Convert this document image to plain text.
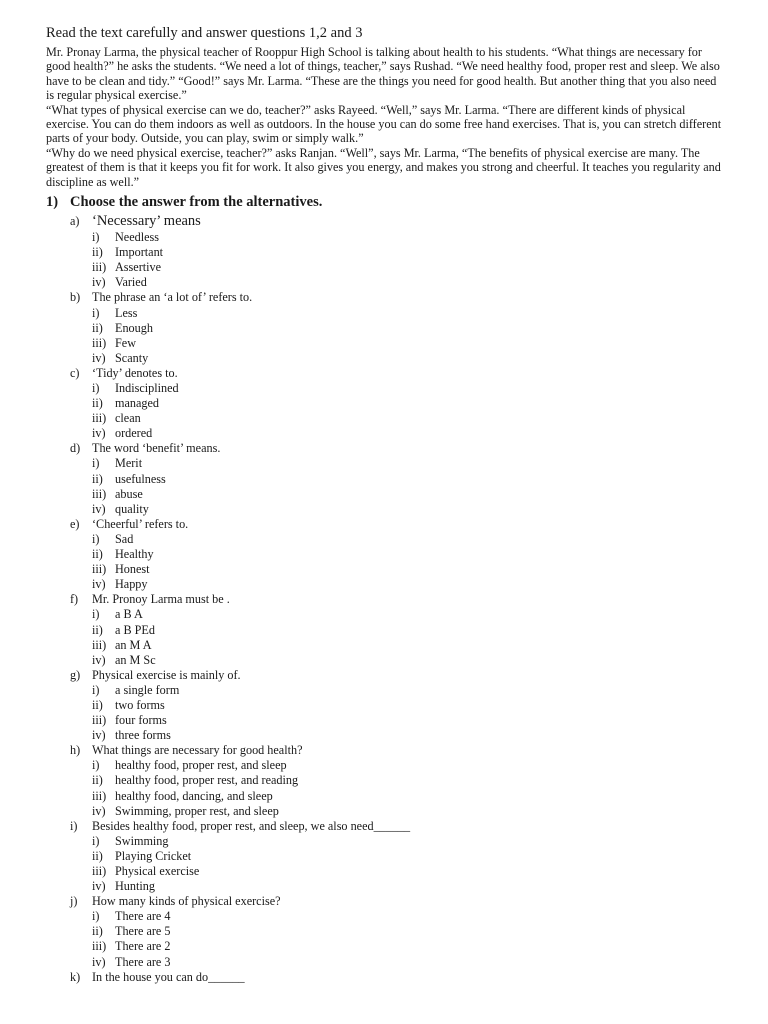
Read the text carefully and answer questions 1,2 and 3

Mr. Pronay Larma, the physical teacher of Rooppur High School is talking about health to his students. “What things are necessary for good health?” he asks the students. “We need a lot of things, teacher,” says Rushad. “We need healthy food, proper rest and sleep. We also have to be clean and tidy.” “Good!” says Mr. Larma. “These are the things you need for good health. But another thing that you also need is regular physical exercise.”

“What types of physical exercise can we do, teacher?” asks Rayeed. “Well,” says Mr. Larma. “There are different kinds of physical exercise. You can do them indoors as well as outdoors. In the house you can do some free hand exercises. That is, you can stretch different parts of your body. Outside, you can play, swim or simply walk.”

“Why do we need physical exercise, teacher?” asks Ranjan. “Well”, says Mr. Larma, “The benefits of physical exercise are many. The greatest of them is that it keeps you fit for work. It also gives you energy, and makes you strong and cheerful. It teaches you regularity and discipline as well.”

1) Choose the answer from the alternatives.
a) ‘Necessary’ means
i)	Needless
ii) Important
iii) Assertive
iv) Varied
b) The phrase an ‘a lot of’ refers to.
i)	Less
ii) Enough
iii) Few
iv) Scanty
c)	‘Tidy’ denotes to.
i)	Indisciplined
ii) managed
iii) clean
iv) ordered
d) The word ‘benefit’ means.
i)	Merit
ii) usefulness
iii) abuse
iv) quality
e)	‘Cheerful’ refers to.
i)	Sad
ii) Healthy
iii) Honest
iv) Happy
f)	Mr. Pronoy Larma must be .
i)	a B A
ii) a B PEd
iii) an M A
iv) an M Sc
g) Physical exercise is mainly of.
i)	a single form
ii) two forms
iii) four forms
iv) three forms
h) What things are necessary for good health?
i)	healthy food, proper rest, and sleep
ii) healthy food, proper rest, and reading
iii) healthy food, dancing, and sleep
iv) Swimming, proper rest, and sleep
i)	Besides healthy food, proper rest, and sleep, we also need______
i)	Swimming
ii) Playing Cricket
iii) Physical exercise
iv) Hunting
j)	How many kinds of physical exercise?
i)	There are 4
ii) There are 5
iii) There are 2
iv) There are 3
k) In the house you can do______
